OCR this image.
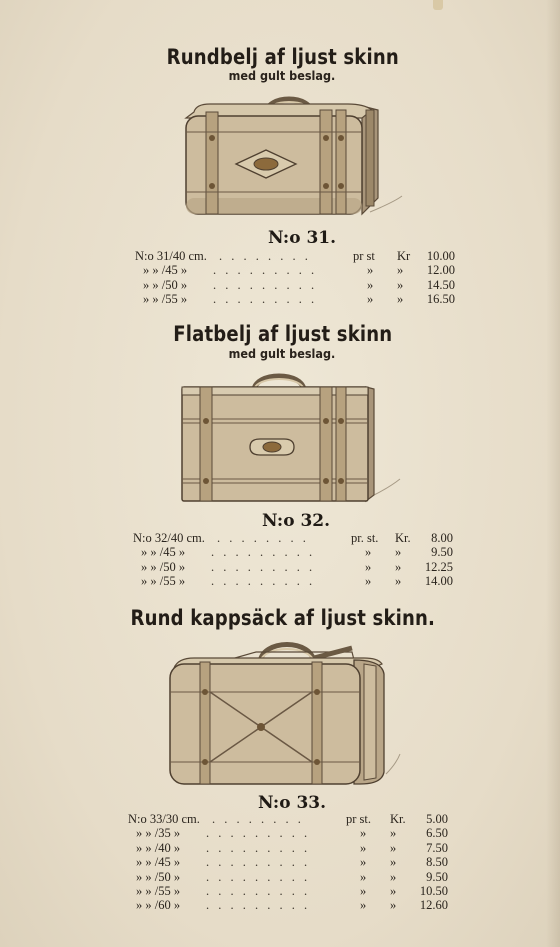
Rundbelj af ljust skinn
med gult beslag.
N:o 31.
N:o 31/40 cm. . . . . . . . .	pr st Kr	10.00
» » /45 » . . . . . . . . .	» »	12.00
» » /50 » . . . . . . . . .	» »	14.50
» » /55 » . . . . . . . . .	» »	16.50
Flatbelj af ljust skinn
med gult beslag.
N:o 32.
N:o 32/40 cm. . . . . . . . .	pr. st. Kr.	8.00
» » /45 » . . . . . . . . .	» »	9.50
» » /50 » . . . . . . . . .	» »	12.25
» » /55 » . . . . . . . . .	» »	14.00
Rund kappsäck af ljust skinn.
N:o 33.
N:o 33/30 cm. . . . . . . . .	pr st. Kr.	5.00
» » /35 » . . . . . . . . .	» »	6.50
» » /40 » . . . . . . . . .	» »	7.50
» » /45 » . . . . . . . . .	» »	8.50
» » /50 » . . . . . . . . .	» »	9.50
» » /55 » . . . . . . . . .	» »	10.50
» » /60 » . . . . . . . . .	» »	12.60
